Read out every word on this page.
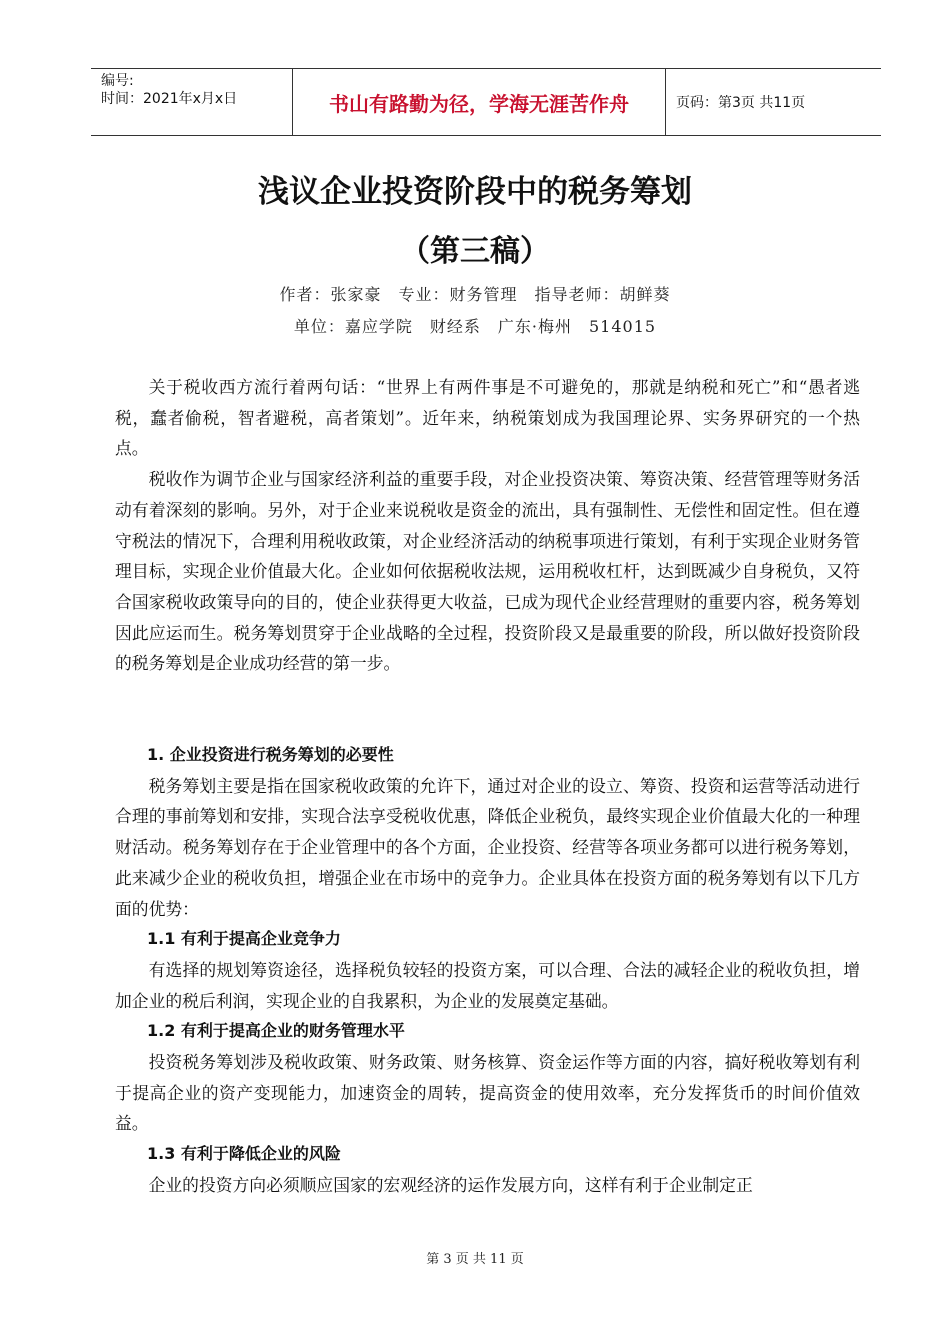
编号:
时间：2021年x月x日	书山有路勤为径，学海无涯苦作舟	页码：第3页 共11页
浅议企业投资阶段中的税务筹划
（第三稿）
作者：张家豪　专业：财务管理　指导老师：胡鲜葵
单位：嘉应学院　财经系　广东·梅州　514015

关于税收西方流行着两句话：“世界上有两件事是不可避免的，那就是纳税和死亡”和“愚者逃税，蠢者偷税，智者避税，高者策划”。近年来，纳税策划成为我国理论界、实务界研究的一个热点。

税收作为调节企业与国家经济利益的重要手段，对企业投资决策、筹资决策、经营管理等财务活动有着深刻的影响。另外，对于企业来说税收是资金的流出，具有强制性、无偿性和固定性。但在遵守税法的情况下，合理利用税收政策，对企业经济活动的纳税事项进行策划，有利于实现企业财务管理目标，实现企业价值最大化。企业如何依据税收法规，运用税收杠杆，达到既减少自身税负，又符合国家税收政策导向的目的，使企业获得更大收益，已成为现代企业经营理财的重要内容，税务筹划因此应运而生。税务筹划贯穿于企业战略的全过程，投资阶段又是最重要的阶段，所以做好投资阶段的税务筹划是企业成功经营的第一步。

1. 企业投资进行税务筹划的必要性

税务筹划主要是指在国家税收政策的允许下，通过对企业的设立、筹资、投资和运营等活动进行合理的事前筹划和安排，实现合法享受税收优惠，降低企业税负，最终实现企业价值最大化的一种理财活动。税务筹划存在于企业管理中的各个方面，企业投资、经营等各项业务都可以进行税务筹划，此来减少企业的税收负担，增强企业在市场中的竞争力。企业具体在投资方面的税务筹划有以下几方面的优势：

1.1 有利于提高企业竞争力

有选择的规划筹资途径，选择税负较轻的投资方案，可以合理、合法的减轻企业的税收负担，增加企业的税后利润，实现企业的自我累积，为企业的发展奠定基础。

1.2 有利于提高企业的财务管理水平

投资税务筹划涉及税收政策、财务政策、财务核算、资金运作等方面的内容，搞好税收筹划有利于提高企业的资产变现能力，加速资金的周转，提高资金的使用效率，充分发挥货币的时间价值效益。

1.3 有利于降低企业的风险

企业的投资方向必须顺应国家的宏观经济的运作发展方向，这样有利于企业制定正

第 3 页 共 11 页
